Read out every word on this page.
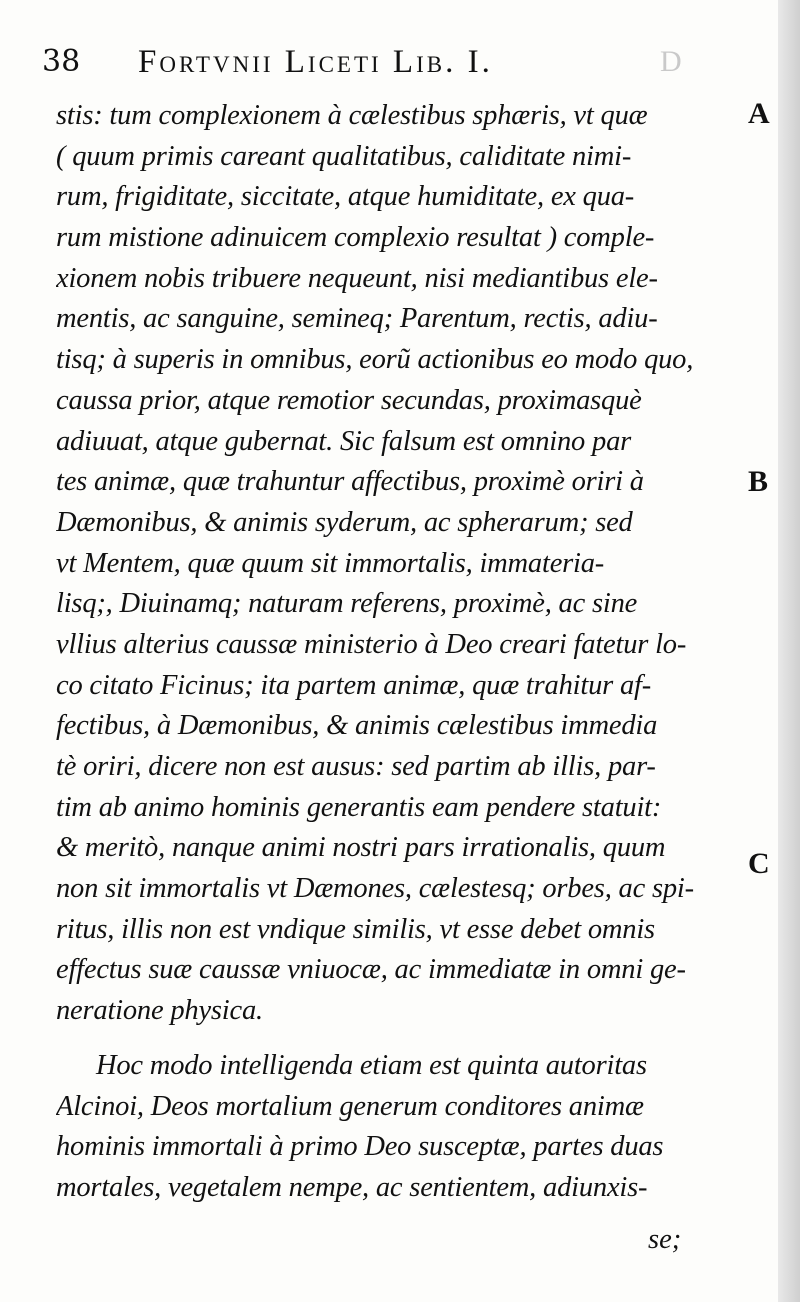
38 Fortvnii Liceti Lib. I.	D
stis: tum complexionem à cælestibus sphæris, vt quæ
( quum primis careant qualitatibus, caliditate nimi-
rum, frigiditate, siccitate, atque humiditate, ex qua-
rum mistione adinuicem complexio resultat ) comple-
xionem nobis tribuere nequeunt, nisi mediantibus ele-
mentis, ac sanguine, semineq; Parentum, rectis, adiu-
tisq; à superis in omnibus, eorũ actionibus eo modo quo,
caussa prior, atque remotior secundas, proximasquè
adiuuat, atque gubernat. Sic falsum est omnino par
tes animæ, quæ trahuntur affectibus, proximè oriri à
Dæmonibus, & animis syderum, ac spherarum; sed
vt Mentem, quæ quum sit immortalis, immateria-
lisq;, Diuinamq; naturam referens, proximè, ac sine
vllius alterius caussæ ministerio à Deo creari fatetur lo-
co citato Ficinus; ita partem animæ, quæ trahitur af-
fectibus, à Dæmonibus, & animis cælestibus immedia
tè oriri, dicere non est ausus: sed partim ab illis, par-
tim ab animo hominis generantis eam pendere statuit:
& meritò, nanque animi nostri pars irrationalis, quum
non sit immortalis vt Dæmones, cælestesq; orbes, ac spi-
ritus, illis non est vndique similis, vt esse debet omnis
effectus suæ caussæ vniuocæ, ac immediatæ in omni ge-
neratione physica.
Hoc modo intelligenda etiam est quinta autoritas
Alcinoi, Deos mortalium generum conditores animæ
hominis immortali à primo Deo susceptæ, partes duas
mortales, vegetalem nempe, ac sentientem, adiunxis-
A
B
C
se;
